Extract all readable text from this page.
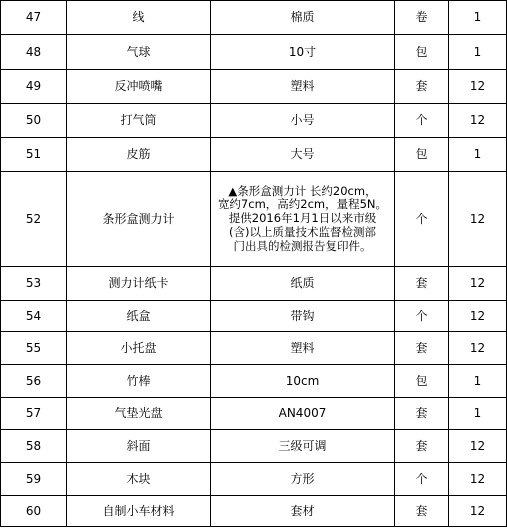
47	线	棉质	卷	1
48	气球	10寸	包	1
49	反冲喷嘴	塑料	套	12
50	打气筒	小号	个	12
51	皮筋	大号	包	1
52	条形盒测力计	▲条形盒测力计 长约20cm，
宽约7cm，高约2cm，量程5N。
提供2016年1月1日以来市级
(含)以上质量技术监督检测部
门出具的检测报告复印件。	个	12
53	测力计纸卡	纸质	套	12
54	纸盒	带钩	个	12
55	小托盘	塑料	套	12
56	竹棒	10cm	包	1
57	气垫光盘	AN4007	套	1
58	斜面	三级可调	套	12
59	木块	方形	个	12
60	自制小车材料	套材	套	12
